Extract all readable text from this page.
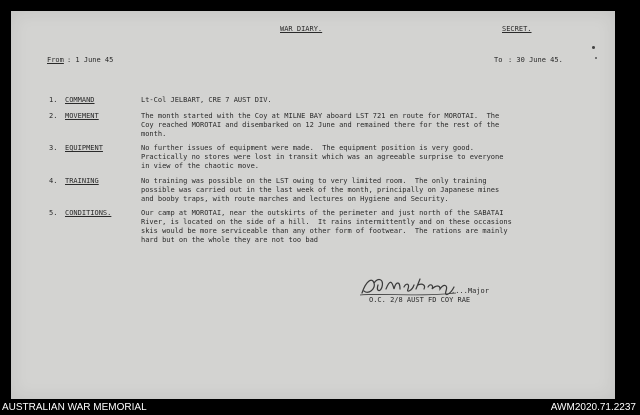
WAR DIARY.	SECRET.
From : 1 June 45	To : 30 June 45.
1. COMMAND	Lt-Col JELBART, CRE 7 AUST DIV.
2. MOVEMENT	The month started with the Coy at MILNE BAY aboard LST 721 en route for MOROTAI.  The
Coy reached MOROTAI and disembarked on 12 June and remained there for the rest of the
month.
3. EQUIPMENT	No further issues of equipment were made.  The equipment position is very good.
Practically no stores were lost in transit which was an agreeable surprise to everyone
in view of the chaotic move.
4. TRAINING	No training was possible on the LST owing to very limited room.  The only training
possible was carried out in the last week of the month, principally on Japanese mines
and booby traps, with route marches and lectures on Hygiene and Security.
5. CONDITIONS.	Our camp at MOROTAI, near the outskirts of the perimeter and just north of the SABATAI
River, is located on the side of a hill.  It rains intermittently and on these occasions
skis would be more serviceable than any other form of footwear.  The rations are mainly
hard but on the whole they are not too bad
....Major
O.C. 2/8 AUST FD COY RAE
AUSTRALIAN WAR MEMORIAL	AWM2020.71.2237
